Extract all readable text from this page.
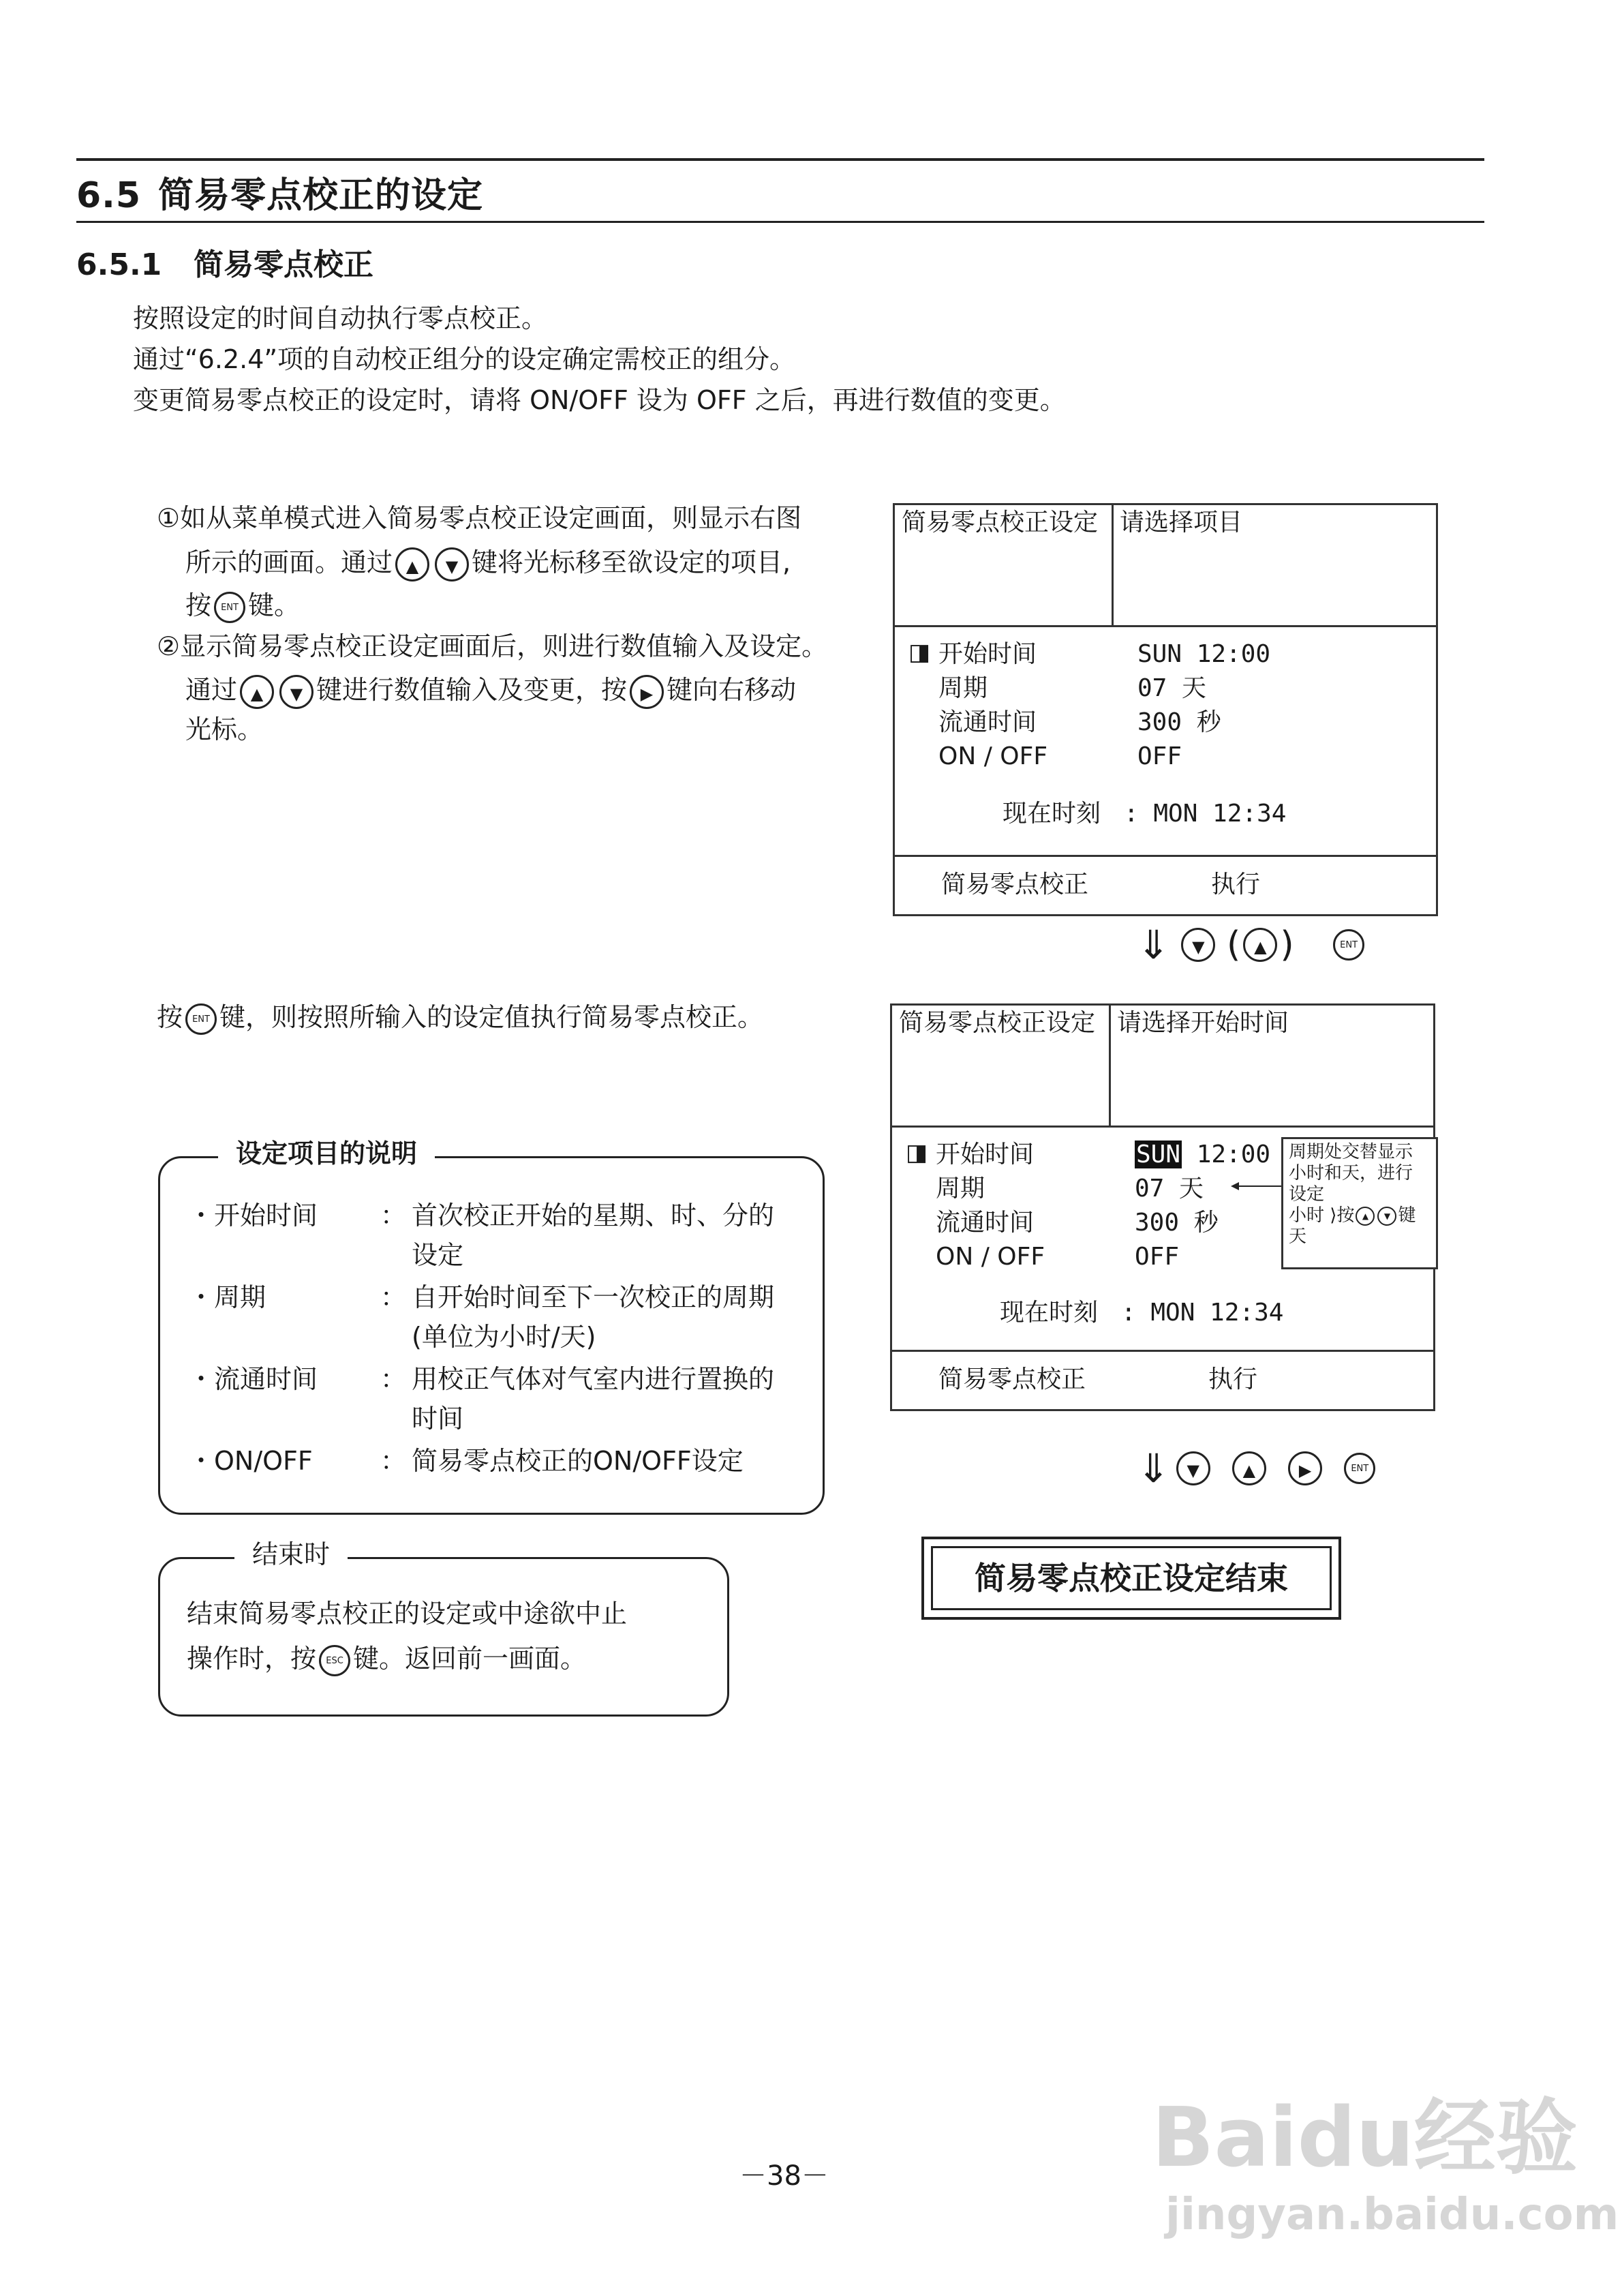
6.5 简易零点校正的设定
6.5.1 简易零点校正
按照设定的时间自动执行零点校正。
通过“6.2.4”项的自动校正组分的设定确定需校正的组分。
变更简易零点校正的设定时，请将 ON/OFF 设为 OFF 之后，再进行数值的变更。
①如从菜单模式进入简易零点校正设定画面，则显示右图
所示的画面。通过 ▲ ▼ 键将光标移至欲设定的项目,
按 ENT 键。
②显示简易零点校正设定画面后，则进行数值输入及设定。
通过 ▲ ▼ 键进行数值输入及变更，按 ▶ 键向右移动
光标。
按 ENT 键，则按照所输入的设定值执行简易零点校正。
简易零点校正设定 请选择项目
◨ 开始时间	SUN 12:00
周期	07 天
流通时间	300 秒
ON / OFF	OFF
现在时刻 : MON 12:34
简易零点校正	执行
⇓ ▼ ( ▲ )	ENT
简易零点校正设定 请选择开始时间
◨ 开始时间	SUN 12:00
周期	07 天
流通时间	300 秒
ON / OFF	OFF
现在时刻 : MON 12:34
简易零点校正	执行
周期处交替显示
小时和天，进行
设定
小时 ⟩按 ▲ ▼ 键
天
⇓ ▼	▲	▶	ENT
简易零点校正设定结束
设定项目的说明
・开始时间 ： 首次校正开始的星期、时、分的
设定
・周期	： 自开始时间至下一次校正的周期
(单位为小时/天)
・流通时间 ： 用校正气体对气室内进行置换的
时间
・ON/OFF	： 简易零点校正的ON/OFF设定
结束时
结束简易零点校正的设定或中途欲中止
操作时，按 ESC 键。返回前一画面。
－38－	Baidu经验
jingyan.baidu.com
